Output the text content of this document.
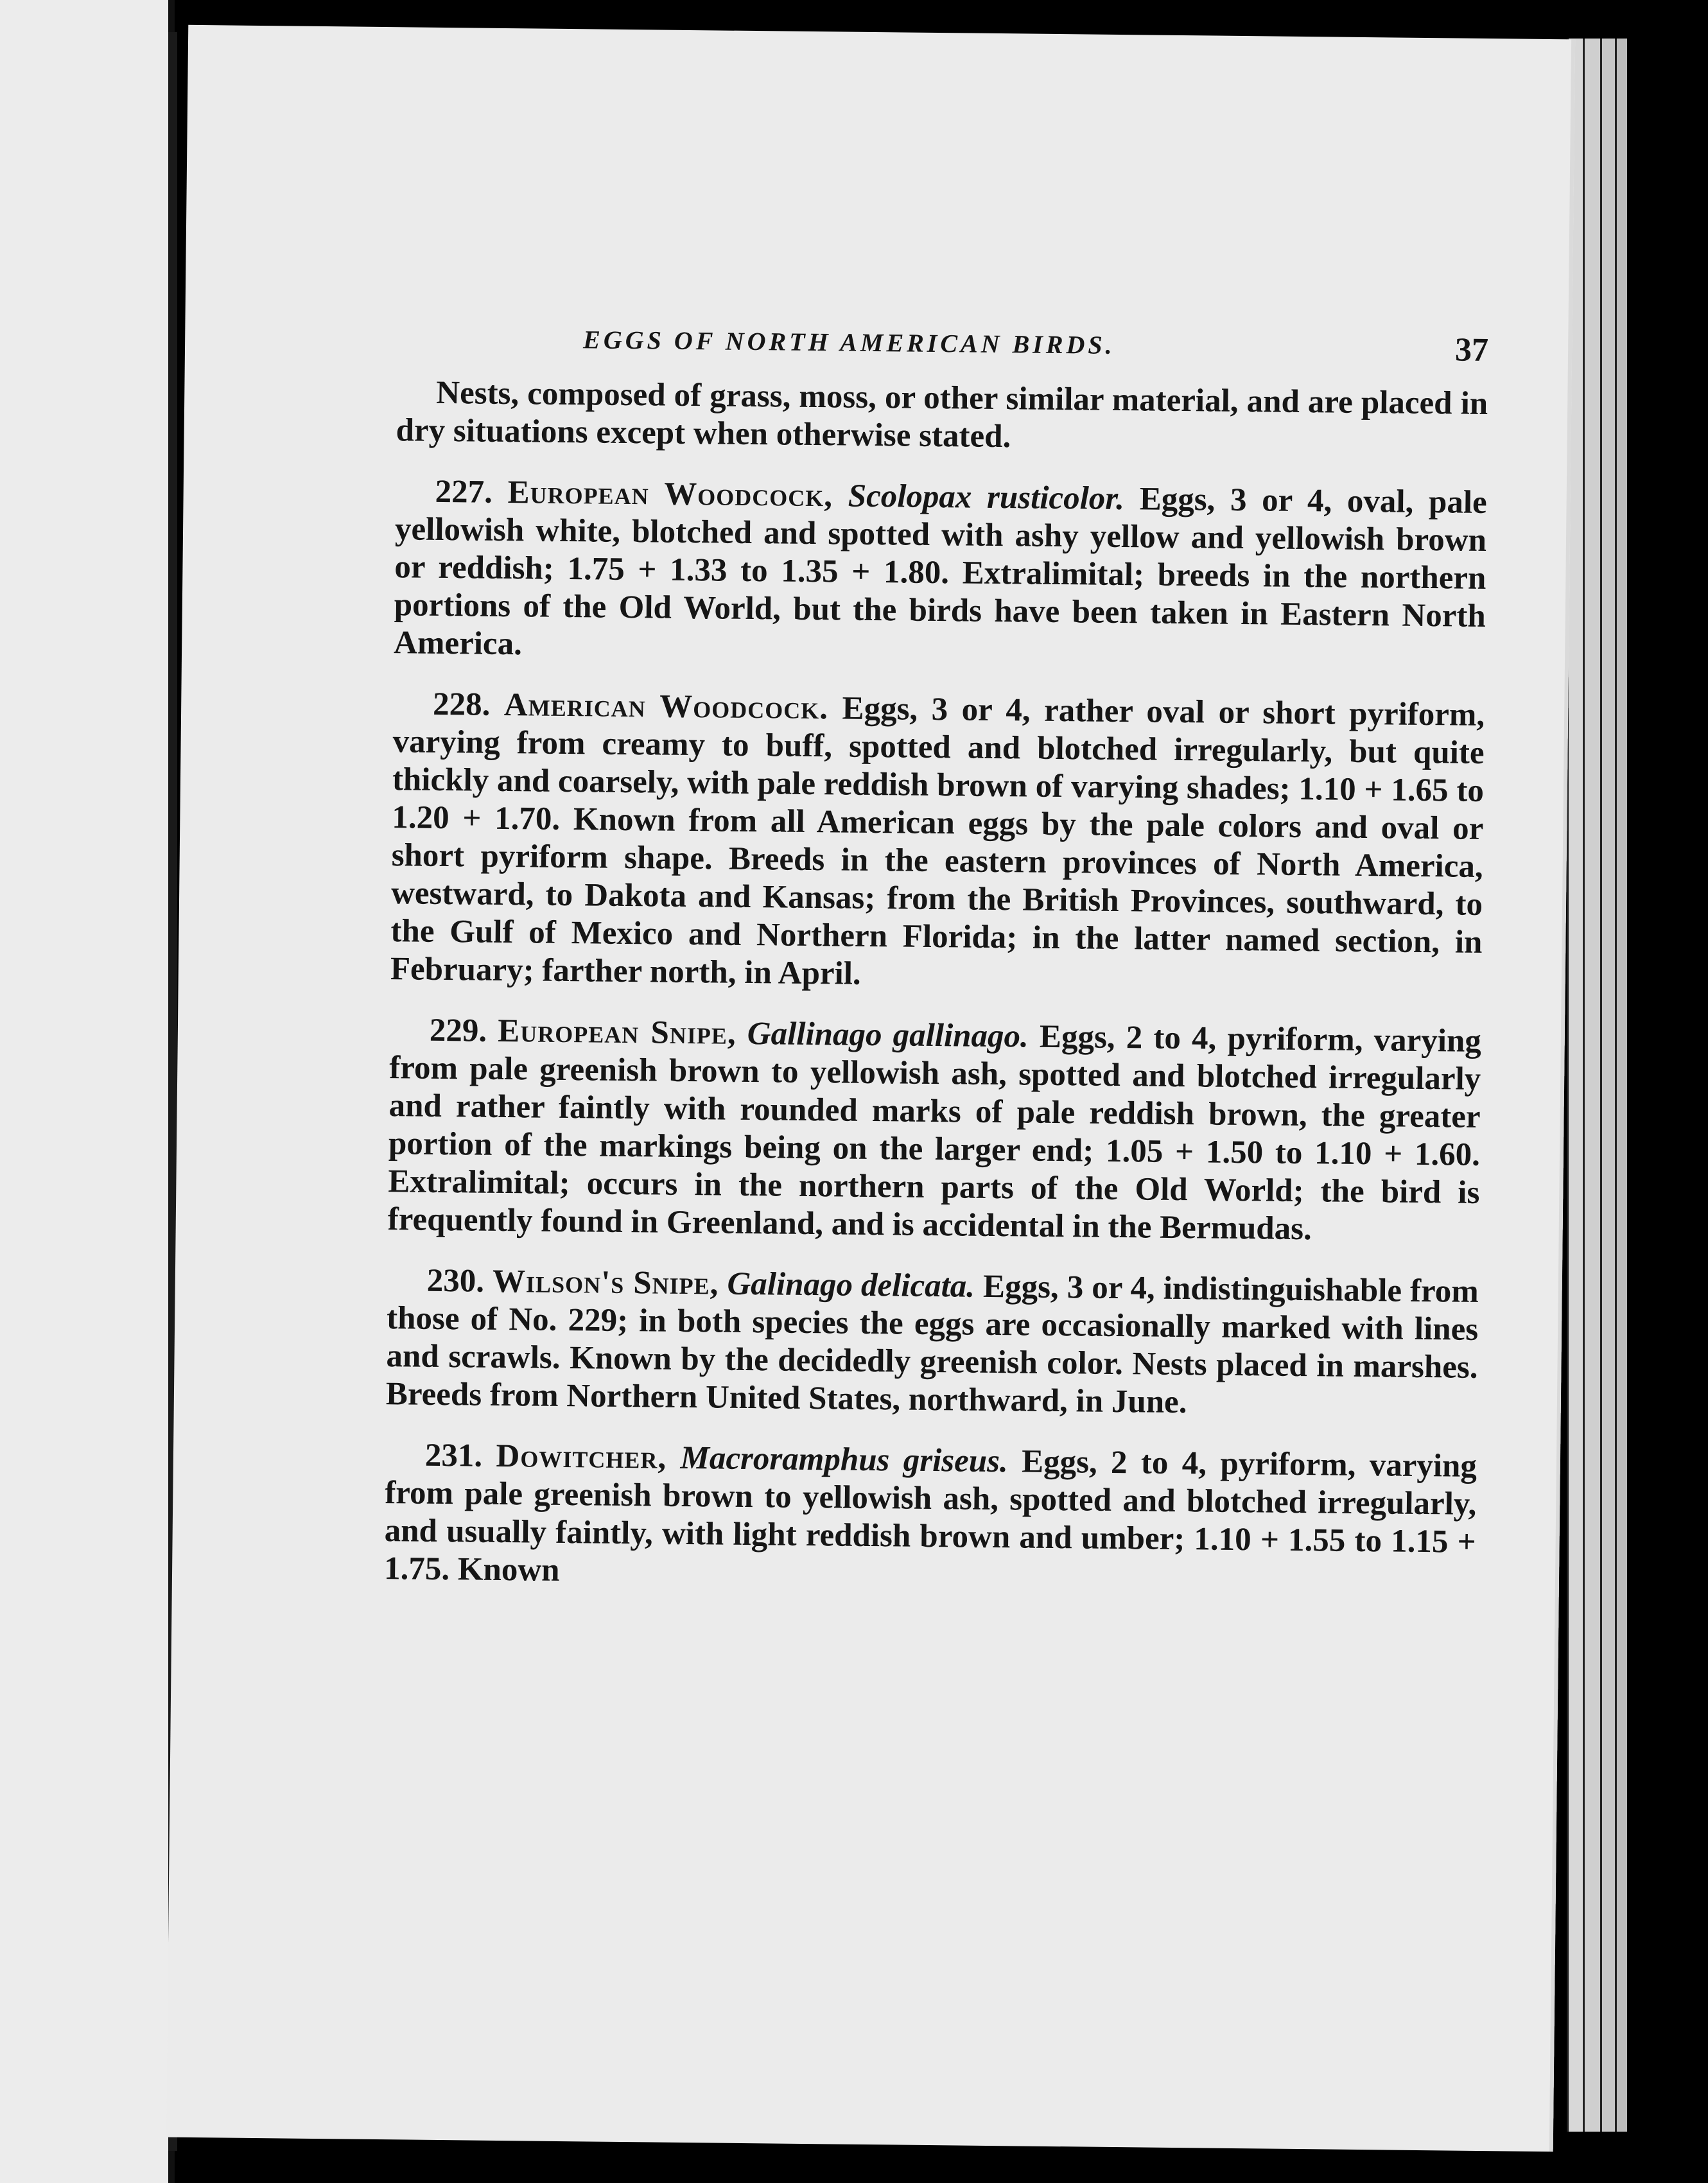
EGGS OF NORTH AMERICAN BIRDS.	37

Nests, composed of grass, moss, or other similar material, and are placed in dry situations except when otherwise stated.

227. European Woodcock, Scolopax rusticolor. Eggs, 3 or 4, oval, pale yellowish white, blotched and spotted with ashy yellow and yellowish brown or reddish; 1.75 + 1.33 to 1.35 + 1.80. Extralimital; breeds in the northern portions of the Old World, but the birds have been taken in Eastern North America.

228. American Woodcock. Eggs, 3 or 4, rather oval or short pyriform, varying from creamy to buff, spotted and blotched irregularly, but quite thickly and coarsely, with pale reddish brown of varying shades; 1.10 + 1.65 to 1.20 + 1.70. Known from all American eggs by the pale colors and oval or short pyriform shape. Breeds in the eastern provinces of North America, westward, to Dakota and Kansas; from the British Provinces, southward, to the Gulf of Mexico and Northern Florida; in the latter named section, in February; farther north, in April.

229. European Snipe, Gallinago gallinago. Eggs, 2 to 4, pyriform, varying from pale greenish brown to yellowish ash, spotted and blotched irregularly and rather faintly with rounded marks of pale reddish brown, the greater portion of the markings being on the larger end; 1.05 + 1.50 to 1.10 + 1.60. Extralimital; occurs in the northern parts of the Old World; the bird is frequently found in Greenland, and is accidental in the Bermudas.

230. Wilson's Snipe, Galinago delicata. Eggs, 3 or 4, indistinguishable from those of No. 229; in both species the eggs are occasionally marked with lines and scrawls. Known by the decidedly greenish color. Nests placed in marshes. Breeds from Northern United States, northward, in June.

231. Dowitcher, Macroramphus griseus. Eggs, 2 to 4, pyriform, varying from pale greenish brown to yellowish ash, spotted and blotched irregularly, and usually faintly, with light reddish brown and umber; 1.10 + 1.55 to 1.15 + 1.75. Known
